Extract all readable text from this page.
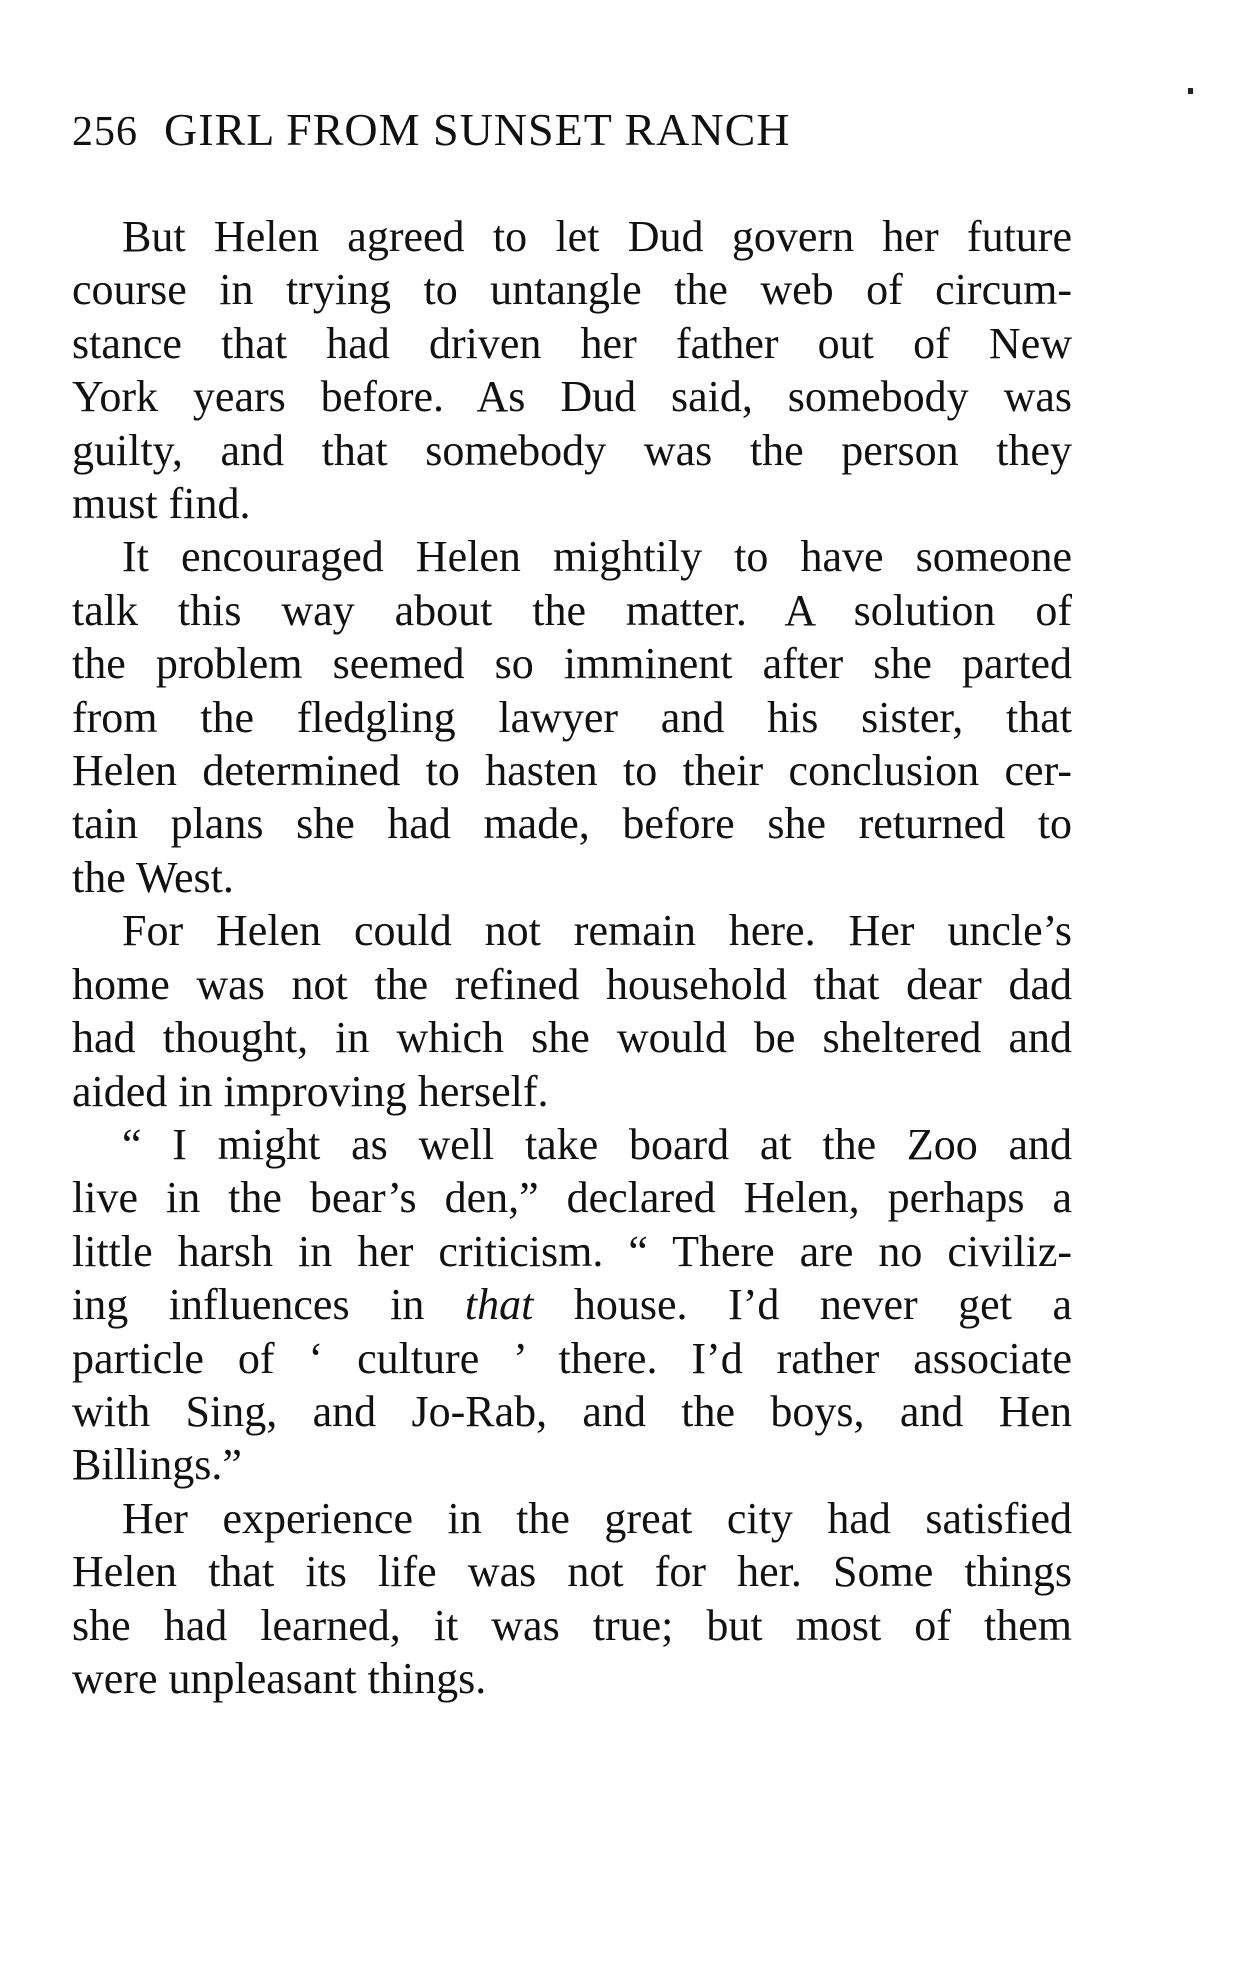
256 GIRL FROM SUNSET RANCH
But Helen agreed to let Dud govern her future
course in trying to untangle the web of circum-
stance that had driven her father out of New
York years before. As Dud said, somebody was
guilty, and that somebody was the person they
must find.
It encouraged Helen mightily to have someone
talk this way about the matter. A solution of
the problem seemed so imminent after she parted
from the fledgling lawyer and his sister, that
Helen determined to hasten to their conclusion cer-
tain plans she had made, before she returned to
the West.
For Helen could not remain here. Her uncle’s
home was not the refined household that dear dad
had thought, in which she would be sheltered and
aided in improving herself.
“ I might as well take board at the Zoo and
live in the bear’s den,” declared Helen, perhaps a
little harsh in her criticism. “ There are no civiliz-
ing influences in that house. I’d never get a
particle of ‘ culture ’ there. I’d rather associate
with Sing, and Jo-Rab, and the boys, and Hen
Billings.”
Her experience in the great city had satisfied
Helen that its life was not for her. Some things
she had learned, it was true; but most of them
were unpleasant things.
